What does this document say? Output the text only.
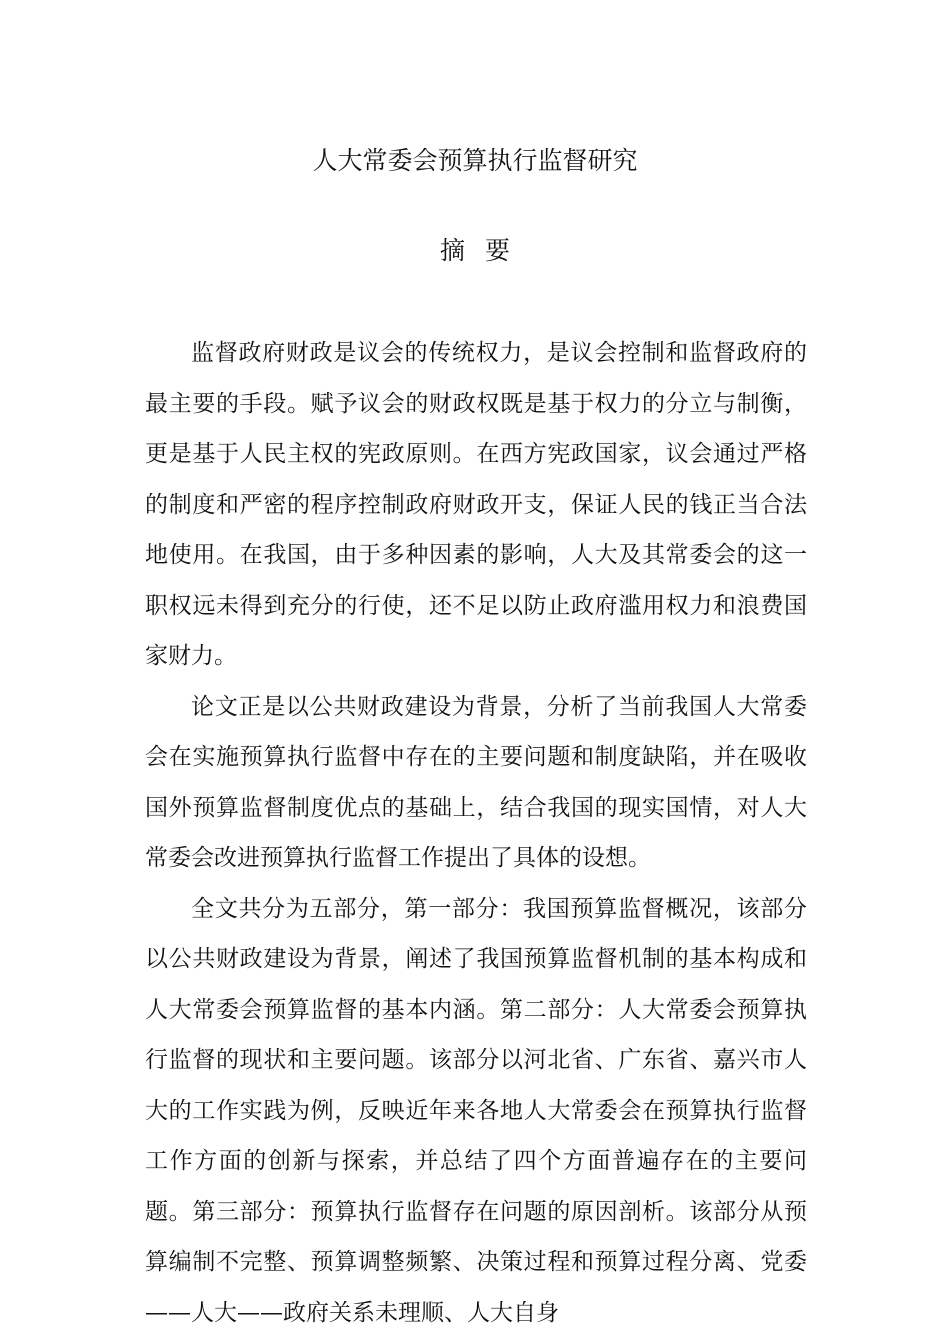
人大常委会预算执行监督研究
摘要

监督政府财政是议会的传统权力，是议会控制和监督政府的最主要的手段。赋予议会的财政权既是基于权力的分立与制衡，更是基于人民主权的宪政原则。在西方宪政国家，议会通过严格的制度和严密的程序控制政府财政开支，保证人民的钱正当合法地使用。在我国，由于多种因素的影响，人大及其常委会的这一职权远未得到充分的行使，还不足以防止政府滥用权力和浪费国家财力。

论文正是以公共财政建设为背景，分析了当前我国人大常委会在实施预算执行监督中存在的主要问题和制度缺陷，并在吸收国外预算监督制度优点的基础上，结合我国的现实国情，对人大常委会改进预算执行监督工作提出了具体的设想。

全文共分为五部分，第一部分：我国预算监督概况，该部分以公共财政建设为背景，阐述了我国预算监督机制的基本构成和人大常委会预算监督的基本内涵。第二部分：人大常委会预算执行监督的现状和主要问题。该部分以河北省、广东省、嘉兴市人大的工作实践为例，反映近年来各地人大常委会在预算执行监督工作方面的创新与探索，并总结了四个方面普遍存在的主要问题。第三部分：预算执行监督存在问题的原因剖析。该部分从预算编制不完整、预算调整频繁、决策过程和预算过程分离、党委——人大——政府关系未理顺、人大自身
